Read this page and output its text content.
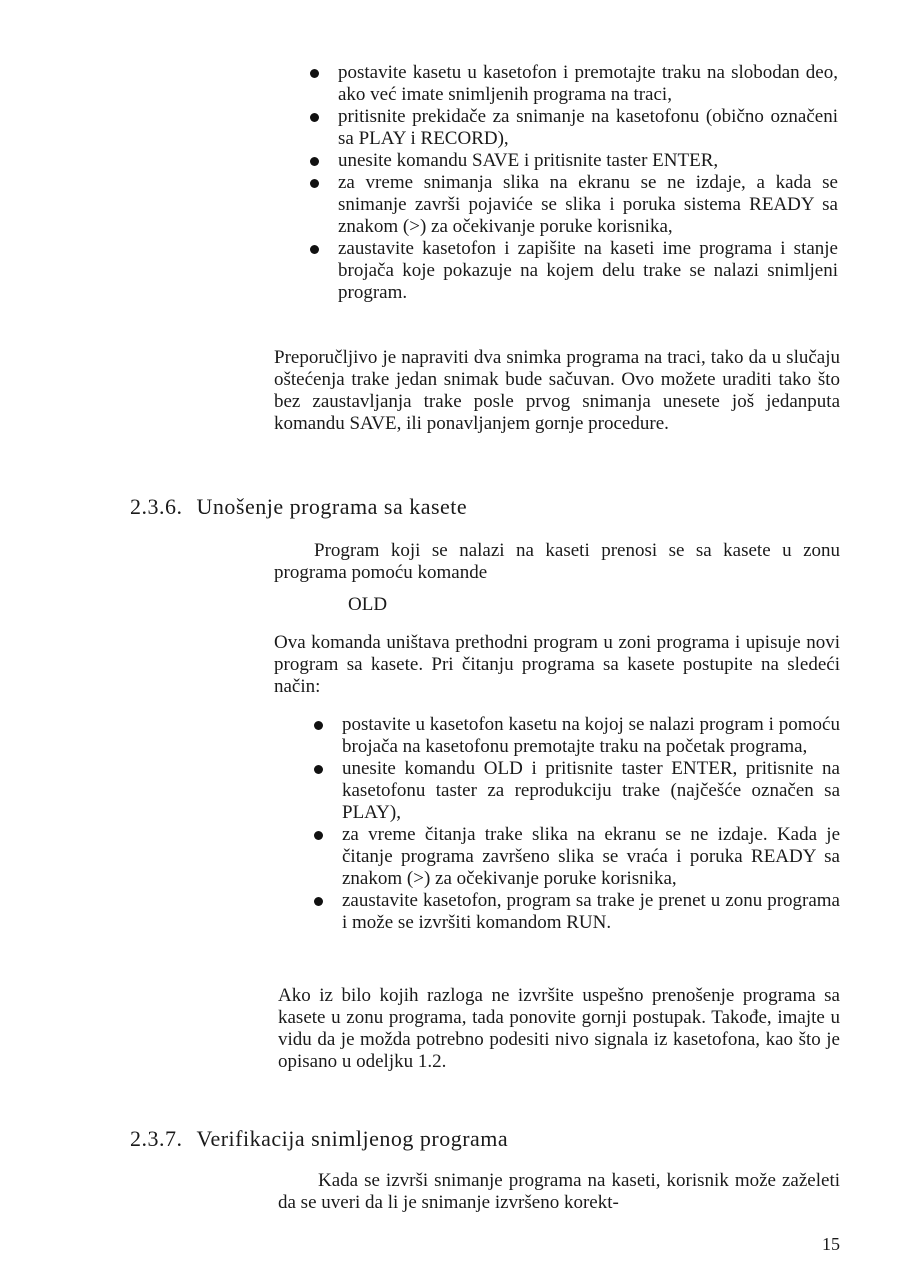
postavite kasetu u kasetofon i premotajte traku na slobodan deo, ako već imate snimljenih programa na traci,
pritisnite prekidače za snimanje na kasetofonu (obično označeni sa PLAY i RECORD),
unesite komandu SAVE i pritisnite taster ENTER,
za vreme snimanja slika na ekranu se ne izdaje, a kada se snimanje završi pojaviće se slika i poruka sistema READY sa znakom (>) za očekivanje poruke korisnika,
zaustavite kasetofon i zapišite na kaseti ime programa i stanje brojača koje pokazuje na kojem delu trake se nalazi snimljeni program.

Preporučljivo je napraviti dva snimka programa na traci, tako da u slučaju oštećenja trake jedan snimak bude sačuvan. Ovo možete uraditi tako što bez zaustavljanja trake posle prvog snimanja unesete još jedanputa komandu SAVE, ili ponavljanjem gornje procedure.

2.3.6. Unošenje programa sa kasete

Program koji se nalazi na kaseti prenosi se sa kasete u zonu programa pomoću komande

OLD

Ova komanda uništava prethodni program u zoni programa i upisuje novi program sa kasete. Pri čitanju programa sa kasete postupite na sledeći način:

postavite u kasetofon kasetu na kojoj se nalazi program i pomoću brojača na kasetofonu premotajte traku na početak programa,
unesite komandu OLD i pritisnite taster ENTER, pritisnite na kasetofonu taster za reprodukciju trake (najčešće označen sa PLAY),
za vreme čitanja trake slika na ekranu se ne izdaje. Kada je čitanje programa završeno slika se vraća i poruka READY sa znakom (>) za očekivanje poruke korisnika,
zaustavite kasetofon, program sa trake je prenet u zonu programa i može se izvršiti komandom RUN.

Ako iz bilo kojih razloga ne izvršite uspešno prenošenje programa sa kasete u zonu programa, tada ponovite gornji postupak. Takođe, imajte u vidu da je možda potrebno podesiti nivo signala iz kasetofona, kao što je opisano u odeljku 1.2.

2.3.7. Verifikacija snimljenog programa

Kada se izvrši snimanje programa na kaseti, korisnik može zaželeti da se uveri da li je snimanje izvršeno korekt-

15
